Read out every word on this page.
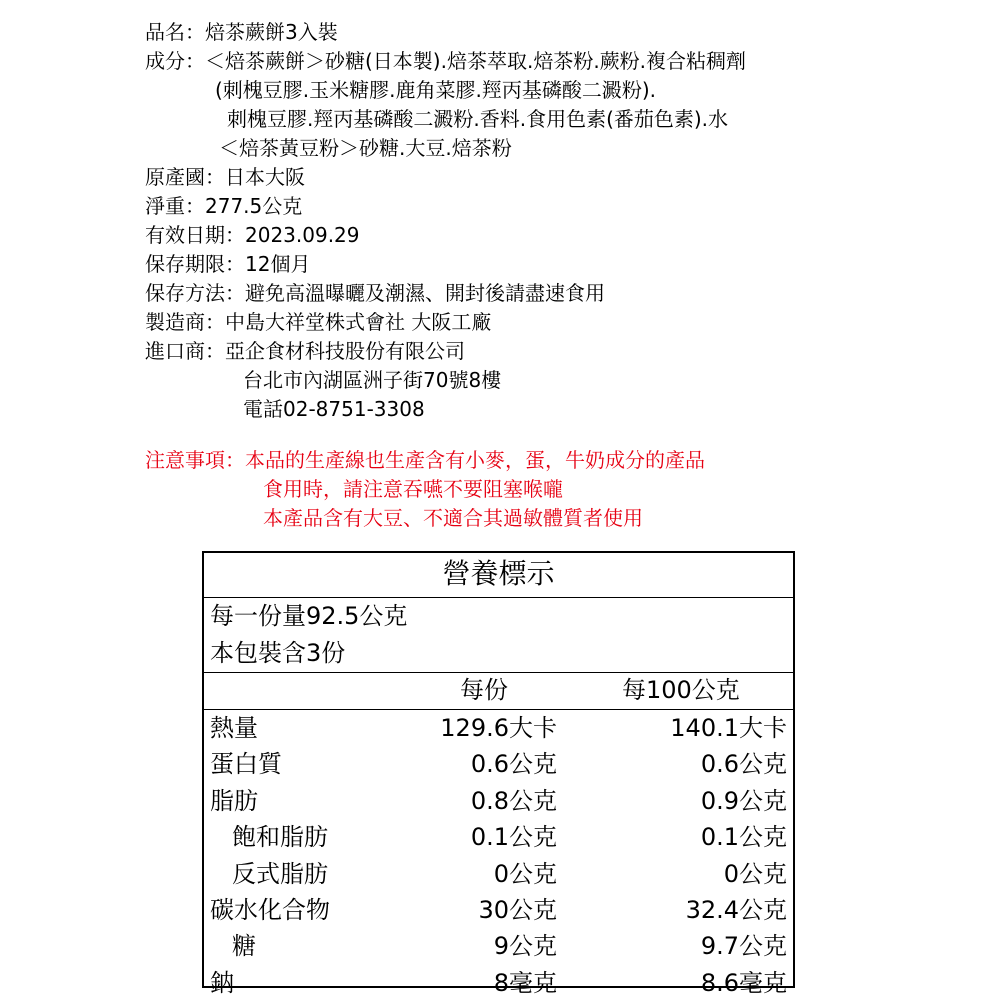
品名：焙茶蕨餅3入裝
成分：＜焙茶蕨餅＞砂糖(日本製).焙茶萃取.焙茶粉.蕨粉.複合粘稠劑
(刺槐豆膠.玉米糖膠.鹿角菜膠.羥丙基磷酸二澱粉).
刺槐豆膠.羥丙基磷酸二澱粉.香料.食用色素(番茄色素).水
＜焙茶黃豆粉＞砂糖.大豆.焙茶粉
原產國：日本大阪
淨重：277.5公克
有效日期：2023.09.29
保存期限：12個月
保存方法：避免高溫曝曬及潮濕、開封後請盡速食用
製造商：中島大祥堂株式會社 大阪工廠
進口商：亞企食材科技股份有限公司
台北市內湖區洲子街70號8樓
電話02-8751-3308
注意事項：本品的生產線也生產含有小麥，蛋，牛奶成分的產品
食用時，請注意吞嚥不要阻塞喉嚨
本產品含有大豆、不適合其過敏體質者使用
營養標示
每一份量92.5公克
本包裝含3份
每份	每100公克
熱量	129.6大卡	140.1大卡
蛋白質	0.6公克	0.6公克
脂肪	0.8公克	0.9公克
飽和脂肪	0.1公克	0.1公克
反式脂肪	0公克	0公克
碳水化合物	30公克	32.4公克
糖	9公克	9.7公克
鈉	8毫克	8.6毫克
